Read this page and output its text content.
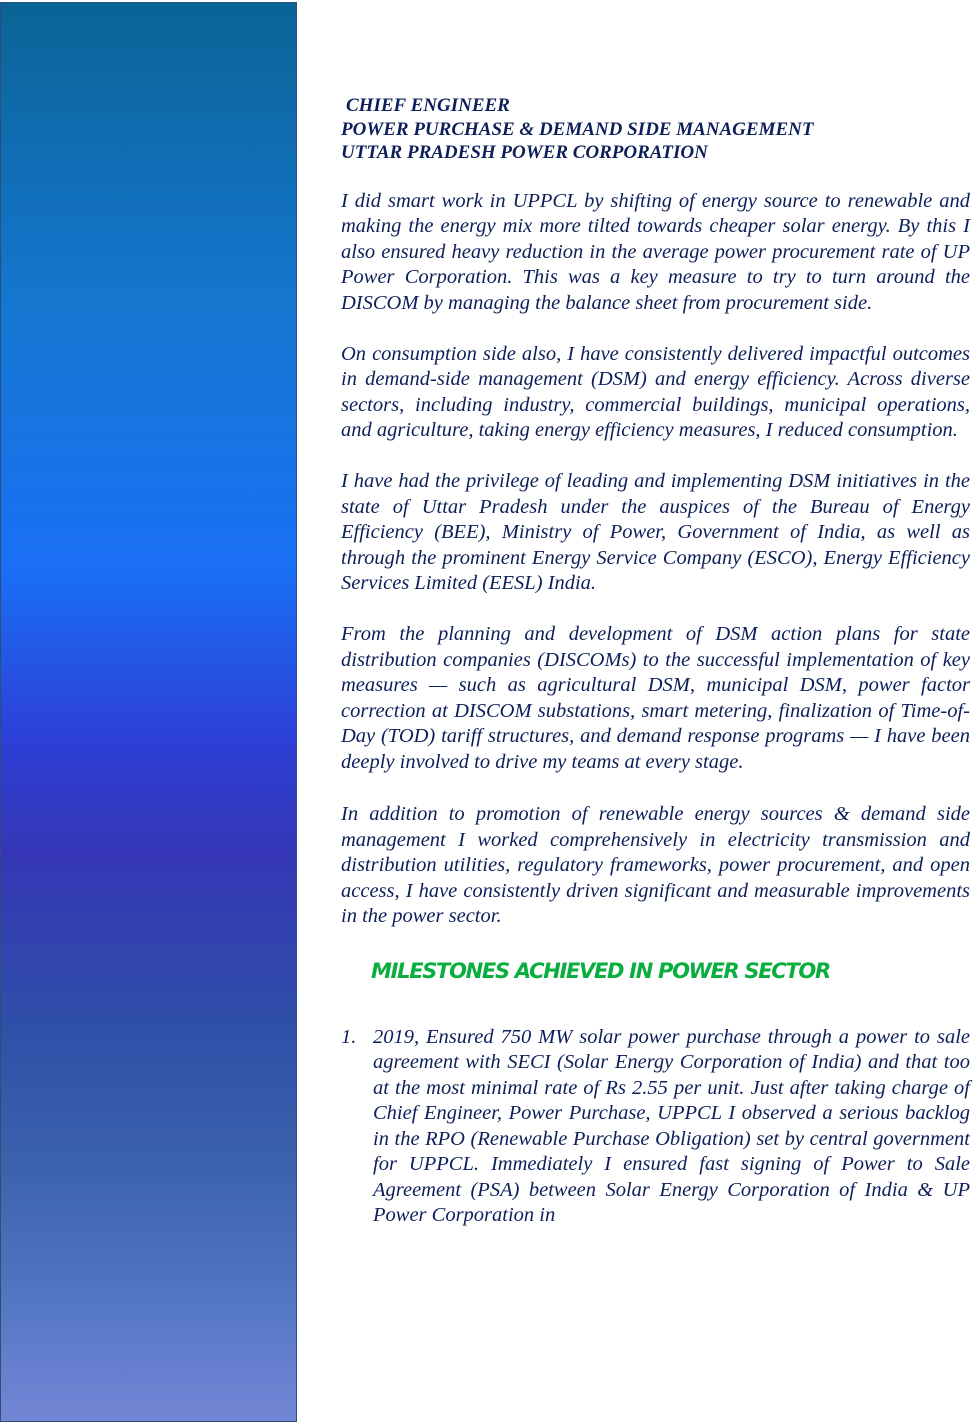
CHIEF ENGINEER
POWER PURCHASE & DEMAND SIDE MANAGEMENT
UTTAR PRADESH POWER CORPORATION

I did smart work in UPPCL by shifting of energy source to renewable and making the energy mix more tilted towards cheaper solar energy. By this I also ensured heavy reduction in the average power procurement rate of UP Power Corporation. This was a key measure to try to turn around the DISCOM by managing the balance sheet from procurement side.

On consumption side also, I have consistently delivered impactful outcomes in demand-side management (DSM) and energy efficiency. Across diverse sectors, including industry, commercial buildings, municipal operations, and agriculture, taking energy efficiency measures, I reduced consumption.

I have had the privilege of leading and implementing DSM initiatives in the state of Uttar Pradesh under the auspices of the Bureau of Energy Efficiency (BEE), Ministry of Power, Government of India, as well as through the prominent Energy Service Company (ESCO), Energy Efficiency Services Limited (EESL) India.

From the planning and development of DSM action plans for state distribution companies (DISCOMs) to the successful implementation of key measures — such as agricultural DSM, municipal DSM, power factor correction at DISCOM substations, smart metering, finalization of Time-of-Day (TOD) tariff structures, and demand response programs — I have been deeply involved to drive my teams at every stage.

In addition to promotion of renewable energy sources & demand side management I worked comprehensively in electricity transmission and distribution utilities, regulatory frameworks, power procurement, and open access, I have consistently driven significant and measurable improvements in the power sector.

MILESTONES ACHIEVED IN POWER SECTOR
1. 2019, Ensured 750 MW solar power purchase through a power to sale agreement with SECI (Solar Energy Corporation of India) and that too at the most minimal rate of Rs 2.55 per unit. Just after taking charge of Chief Engineer, Power Purchase, UPPCL I observed a serious backlog in the RPO (Renewable Purchase Obligation) set by central government for UPPCL. Immediately I ensured fast signing of Power to Sale Agreement (PSA) between Solar Energy Corporation of India & UP Power Corporation in
